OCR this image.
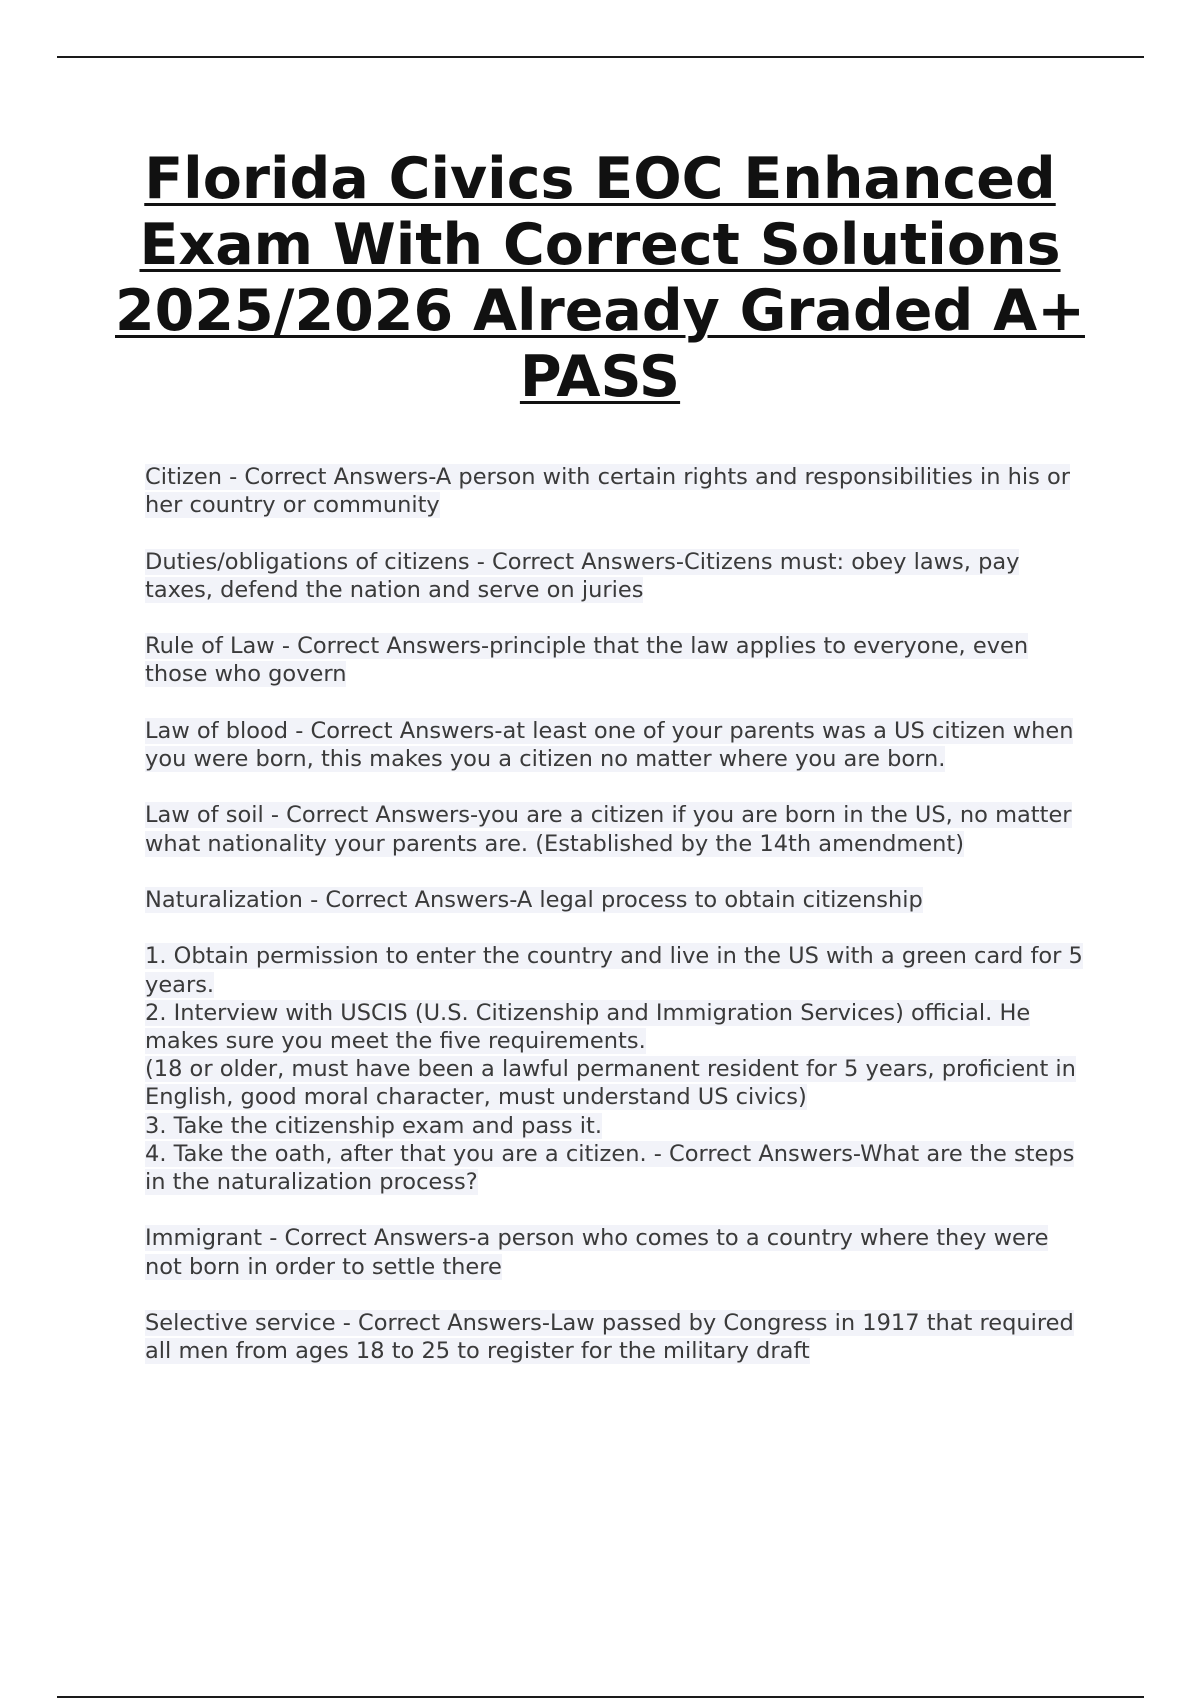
Florida Civics EOC Enhanced Exam With Correct Solutions 2025/2026 Already Graded A+ PASS

Citizen - Correct Answers-A person with certain rights and responsibilities in his or her country or community

Duties/obligations of citizens - Correct Answers-Citizens must: obey laws, pay taxes, defend the nation and serve on juries

Rule of Law - Correct Answers-principle that the law applies to everyone, even those who govern

Law of blood - Correct Answers-at least one of your parents was a US citizen when you were born, this makes you a citizen no matter where you are born.

Law of soil - Correct Answers-you are a citizen if you are born in the US, no matter what nationality your parents are. (Established by the 14th amendment)

Naturalization - Correct Answers-A legal process to obtain citizenship

1. Obtain permission to enter the country and live in the US with a green card for 5 years.

2. Interview with USCIS (U.S. Citizenship and Immigration Services) official. He makes sure you meet the five requirements.

(18 or older, must have been a lawful permanent resident for 5 years, proficient in English, good moral character, must understand US civics)

3. Take the citizenship exam and pass it.

4. Take the oath, after that you are a citizen. - Correct Answers-What are the steps in the naturalization process?

Immigrant - Correct Answers-a person who comes to a country where they were not born in order to settle there

Selective service - Correct Answers-Law passed by Congress in 1917 that required all men from ages 18 to 25 to register for the military draft
